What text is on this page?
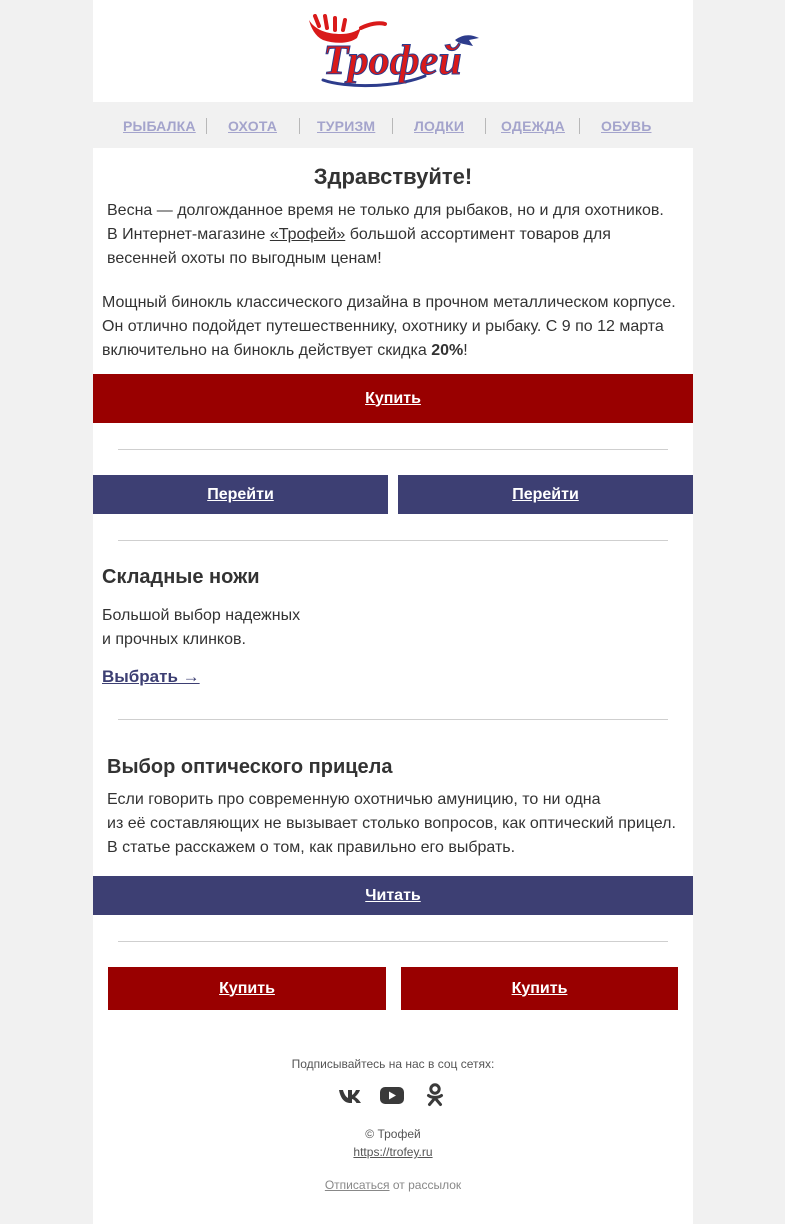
Трофей
РЫБАЛКА ОХОТА	ТУРИЗМ	ЛОДКИ	ОДЕЖДА	ОБУВЬ
Здравствуйте!
Весна — долгожданное время не только для рыбаков, но и для охотников.
В Интернет-магазине «Трофей» большой ассортимент товаров для
весенней охоты по выгодным ценам!
Мощный бинокль классического дизайна в прочном металлическом корпусе.
Он отлично подойдет путешественнику, охотнику и рыбаку. С 9 по 12 марта
включительно на бинокль действует скидка 20%!
Купить
Перейти	Перейти
Складные ножи
Большой выбор надежных
и прочных клинков.
Выбрать →
Выбор оптического прицела
Если говорить про современную охотничью амуницию, то ни одна
из её составляющих не вызывает столько вопросов, как оптический прицел.
В статье расскажем о том, как правильно его выбрать.
Читать
Купить	Купить
Подписывайтесь на нас в соц сетях:
© Трофей
https://trofey.ru
Отписаться от рассылок
